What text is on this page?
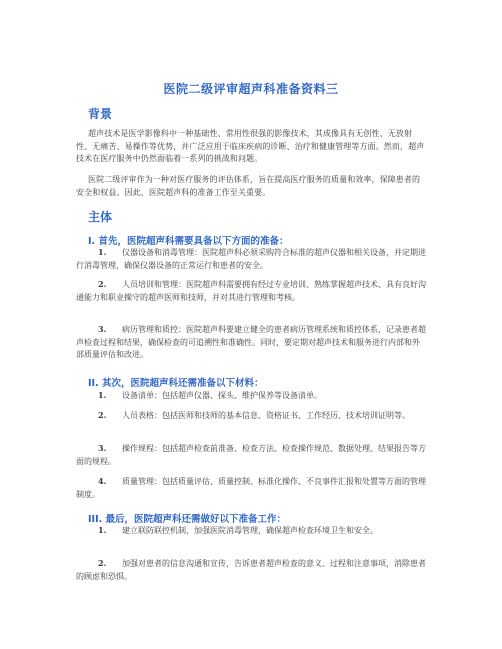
医院二级评审超声科准备资料三
背景
超声技术是医学影像科中一种基础性、常用性很强的影像技术，其成像具有无创性、无放射性、无痛苦、易操作等优势，并广泛应用于临床疾病的诊断、治疗和健康管理等方面。然而，超声技术在医疗服务中仍然面临着一系列的挑战和问题。
医院二级评审作为一种对医疗服务的评估体系，旨在提高医疗服务的质量和效率，保障患者的安全和权益。因此，医院超声科的准备工作至关重要。
主体
I. 首先，医院超声科需要具备以下方面的准备：
1. 仪器设备和消毒管理：医院超声科必须采购符合标准的超声仪器和相关设备，并定期进行消毒管理，确保仪器设备的正常运行和患者的安全。
2. 人员培训和管理：医院超声科需要拥有经过专业培训、熟练掌握超声技术、具有良好沟通能力和职业操守的超声医师和技师，并对其进行管理和考核。
3. 病历管理和质控：医院超声科要建立健全的患者病历管理系统和质控体系，记录患者超声检查过程和结果，确保检查的可追溯性和准确性。同时，要定期对超声技术和服务进行内部和外部质量评估和改进。
II. 其次，医院超声科还需准备以下材料：
1. 设备清单：包括超声仪器、探头、维护保养等设备清单。
2. 人员表格：包括医师和技师的基本信息、资格证书、工作经历、技术培训证明等。
3. 操作规程：包括超声检查前准备、检查方法、检查操作规范、数据处理、结果报告等方面的规程。
4. 质量管理：包括质量评估、质量控制、标准化操作、不良事件汇报和处置等方面的管理制度。
III. 最后，医院超声科还需做好以下准备工作：
1. 建立联防联控机制，加强医院消毒管理，确保超声检查环境卫生和安全。
2. 加强对患者的信息沟通和宣传，告诉患者超声检查的意义、过程和注意事项，消除患者的顾虑和恐惧。
